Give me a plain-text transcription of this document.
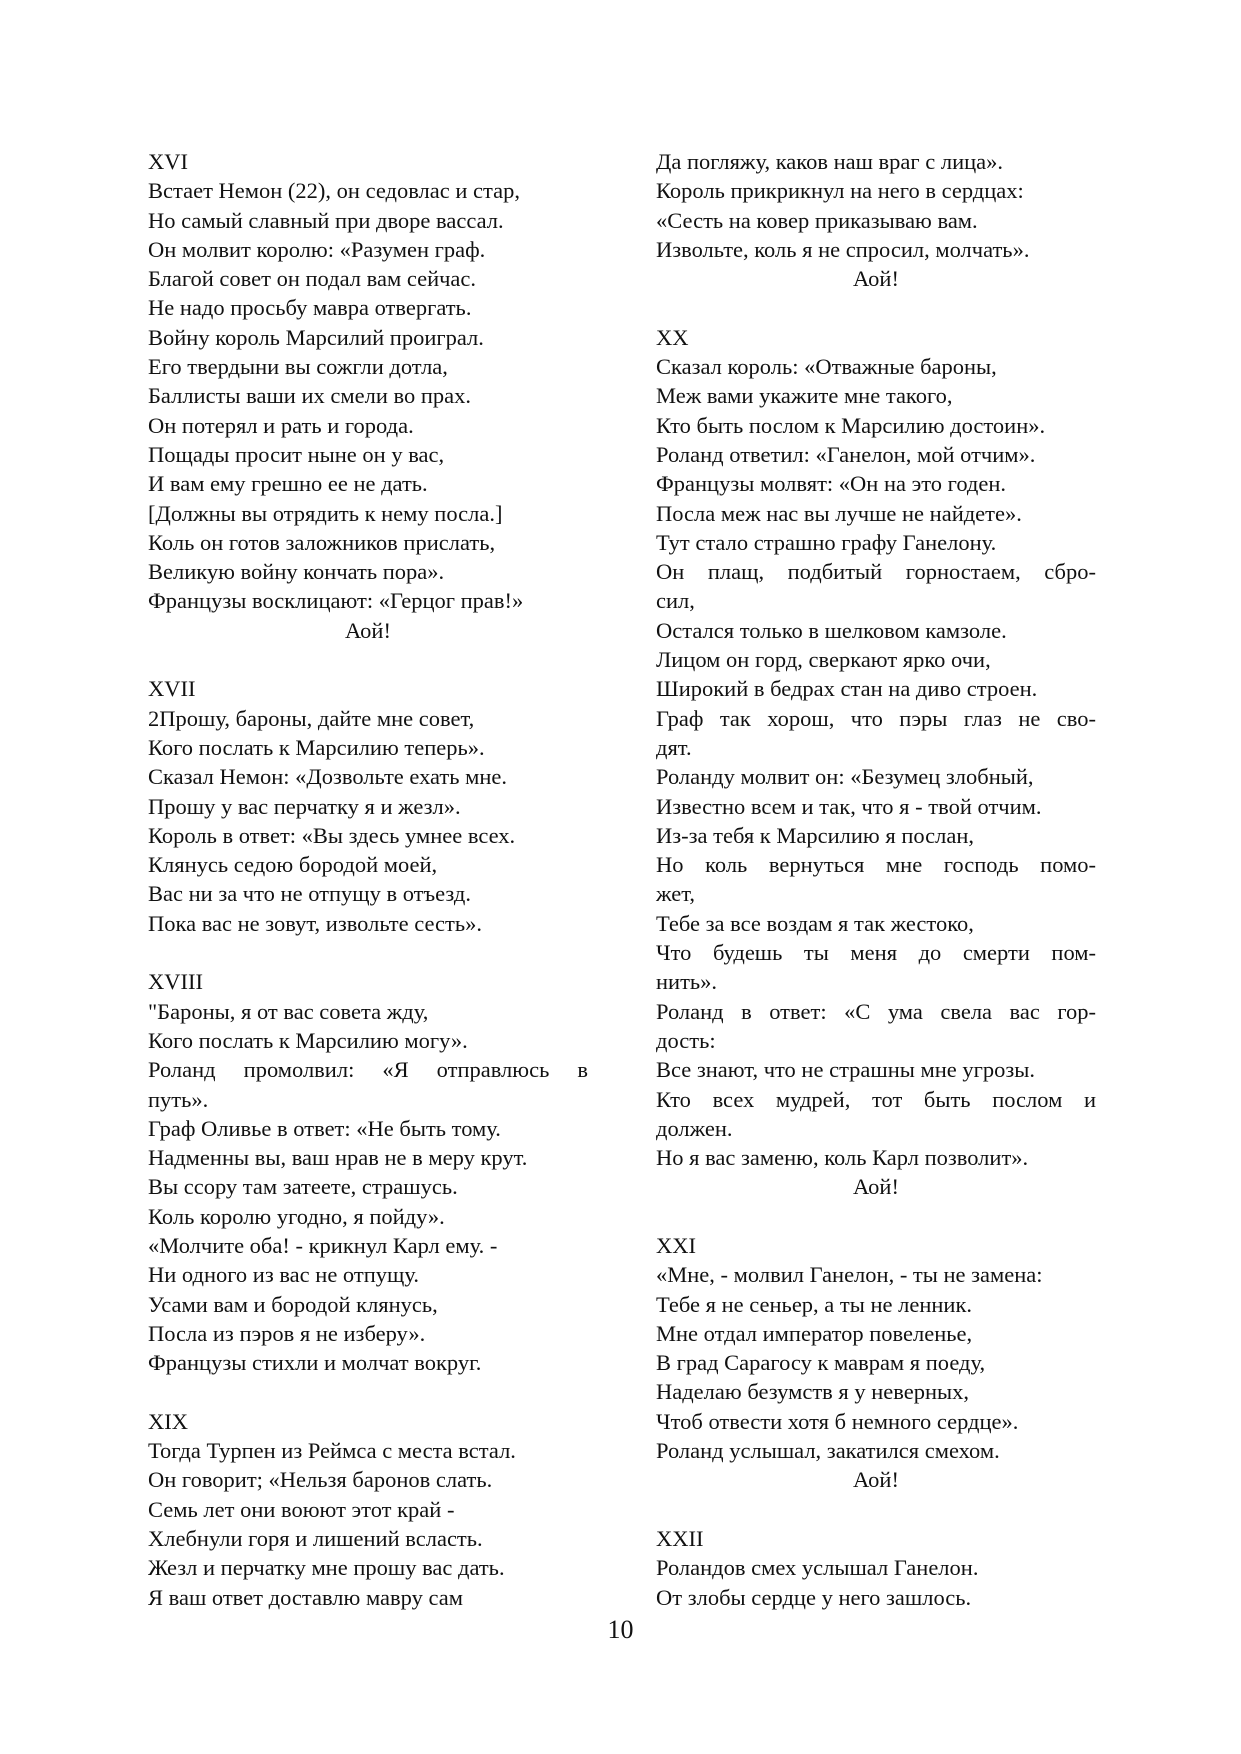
XVI
Встает Немон (22), он седовлас и стар,
Но самый славный при дворе вассал.
Он молвит королю: «Разумен граф.
Благой совет он подал вам сейчас.
Не надо просьбу мавра отвергать.
Войну король Марсилий проиграл.
Его твердыни вы сожгли дотла,
Баллисты ваши их смели во прах.
Он потерял и рать и города.
Пощады просит ныне он у вас,
И вам ему грешно ее не дать.
[Должны вы отрядить к нему посла.]
Коль он готов заложников прислать,
Великую войну кончать пора».
Французы восклицают: «Герцог прав!»
Аой!
XVII
2Прошу, бароны, дайте мне совет,
Кого послать к Марсилию теперь».
Сказал Немон: «Дозвольте ехать мне.
Прошу у вас перчатку я и жезл».
Король в ответ: «Вы здесь умнее всех.
Клянусь седою бородой моей,
Вас ни за что не отпущу в отъезд.
Пока вас не зовут, извольте сесть».
XVIII
"Бароны, я от вас совета жду,
Кого послать к Марсилию могу».
Роланд промолвил: «Я отправлюсь в
путь».
Граф Оливье в ответ: «Не быть тому.
Надменны вы, ваш нрав не в меру крут.
Вы ссору там затеете, страшусь.
Коль королю угодно, я пойду».
«Молчите оба! - крикнул Карл ему. -
Ни одного из вас не отпущу.
Усами вам и бородой клянусь,
Посла из пэров я не изберу».
Французы стихли и молчат вокруг.
XIX
Тогда Турпен из Реймса с места встал.
Он говорит; «Нельзя баронов слать.
Семь лет они воюют этот край -
Хлебнули горя и лишений всласть.
Жезл и перчатку мне прошу вас дать.
Я ваш ответ доставлю мавру сам
Да погляжу, каков наш враг с лица».
Король прикрикнул на него в сердцах:
«Сесть на ковер приказываю вам.
Извольте, коль я не спросил, молчать».
Аой!
XX
Сказал король: «Отважные бароны,
Меж вами укажите мне такого,
Кто быть послом к Марсилию достоин».
Роланд ответил: «Ганелон, мой отчим».
Французы молвят: «Он на это годен.
Посла меж нас вы лучше не найдете».
Тут стало страшно графу Ганелону.
Он плащ, подбитый горностаем, сбро-
сил,
Остался только в шелковом камзоле.
Лицом он горд, сверкают ярко очи,
Широкий в бедрах стан на диво строен.
Граф так хорош, что пэры глаз не сво-
дят.
Роланду молвит он: «Безумец злобный,
Известно всем и так, что я - твой отчим.
Из-за тебя к Марсилию я послан,
Но коль вернуться мне господь помо-
жет,
Тебе за все воздам я так жестоко,
Что будешь ты меня до смерти пом-
нить».
Роланд в ответ: «С ума свела вас гор-
дость:
Все знают, что не страшны мне угрозы.
Кто всех мудрей, тот быть послом и
должен.
Но я вас заменю, коль Карл позволит».
Аой!
XXI
«Мне, - молвил Ганелон, - ты не замена:
Тебе я не сеньер, а ты не ленник.
Мне отдал император повеленье,
В град Сарагосу к маврам я поеду,
Наделаю безумств я у неверных,
Чтоб отвести хотя б немного сердце».
Роланд услышал, закатился смехом.
Аой!
XXII
Роландов смех услышал Ганелон.
От злобы сердце у него зашлось.
10
